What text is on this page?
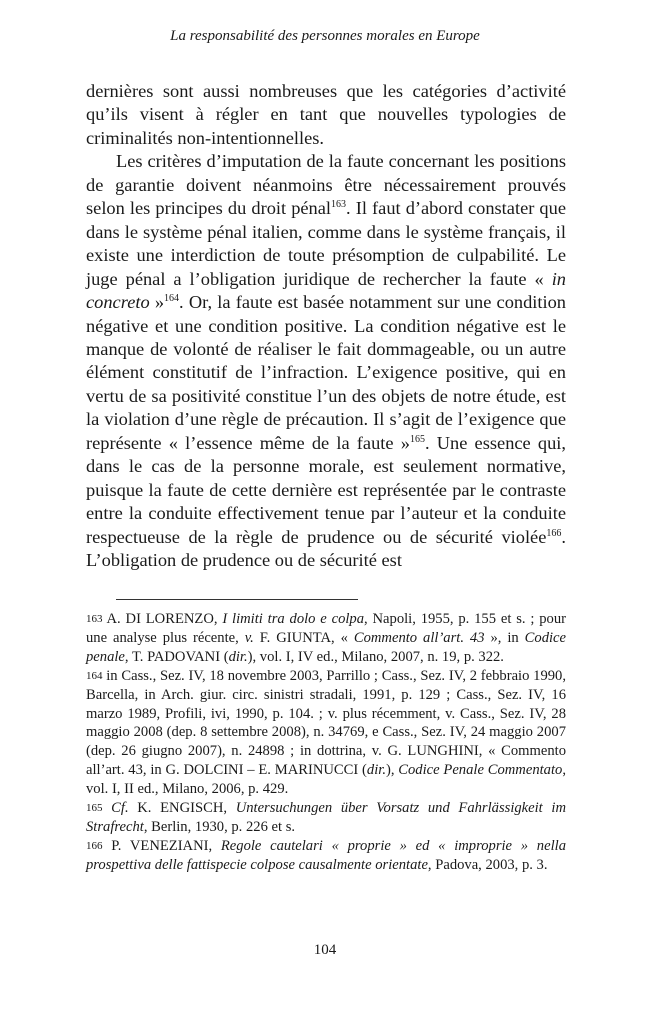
La responsabilité des personnes morales en Europe

dernières sont aussi nombreuses que les catégories d’activité qu’ils visent à régler en tant que nouvelles typologies de criminalités non-intentionnelles.

Les critères d’imputation de la faute concernant les positions de garantie doivent néanmoins être nécessairement prouvés selon les principes du droit pénal$^{163}$. Il faut d’abord constater que dans le système pénal italien, comme dans le système français, il existe une interdiction de toute présomption de culpabilité. Le juge pénal a l’obligation juridique de rechercher la faute « in concreto »$^{164}$. Or, la faute est basée notamment sur une condition négative et une condition positive. La condition négative est le manque de volonté de réaliser le fait dommageable, ou un autre élément constitutif de l’infraction. L’exigence positive, qui en vertu de sa positivité constitue l’un des objets de notre étude, est la violation d’une règle de précaution. Il s’agit de l’exigence que représente « l’essence même de la faute »$^{165}$. Une essence qui, dans le cas de la personne morale, est seulement normative, puisque la faute de cette dernière est représentée par le contraste entre la conduite effectivement tenue par l’auteur et la conduite respectueuse de la règle de prudence ou de sécurité violée$^{166}$. L’obligation de prudence ou de sécurité est

163 A. DI LORENZO, I limiti tra dolo e colpa, Napoli, 1955, p. 155 et s. ; pour une analyse plus récente, v. F. GIUNTA, « Commento all’art. 43 », in Codice penale, T. PADOVANI (dir.), vol. I, IV ed., Milano, 2007, n. 19, p. 322.

164 in Cass., Sez. IV, 18 novembre 2003, Parrillo ; Cass., Sez. IV, 2 febbraio 1990, Barcella, in Arch. giur. circ. sinistri stradali, 1991, p. 129 ; Cass., Sez. IV, 16 marzo 1989, Profili, ivi, 1990, p. 104. ; v. plus récemment, v. Cass., Sez. IV, 28 maggio 2008 (dep. 8 settembre 2008), n. 34769, e Cass., Sez. IV, 24 maggio 2007 (dep. 26 giugno 2007), n. 24898 ; in dottrina, v. G. LUNGHINI, « Commento all’art. 43, in G. DOLCINI – E. MARINUCCI (dir.), Codice Penale Commentato, vol. I, II ed., Milano, 2006, p. 429.

165 Cf. K. ENGISCH, Untersuchungen über Vorsatz und Fahrlässigkeit im Strafrecht, Berlin, 1930, p. 226 et s.

166 P. VENEZIANI, Regole cautelari « proprie » ed « improprie » nella prospettiva delle fattispecie colpose causalmente orientate, Padova, 2003, p. 3.

104
